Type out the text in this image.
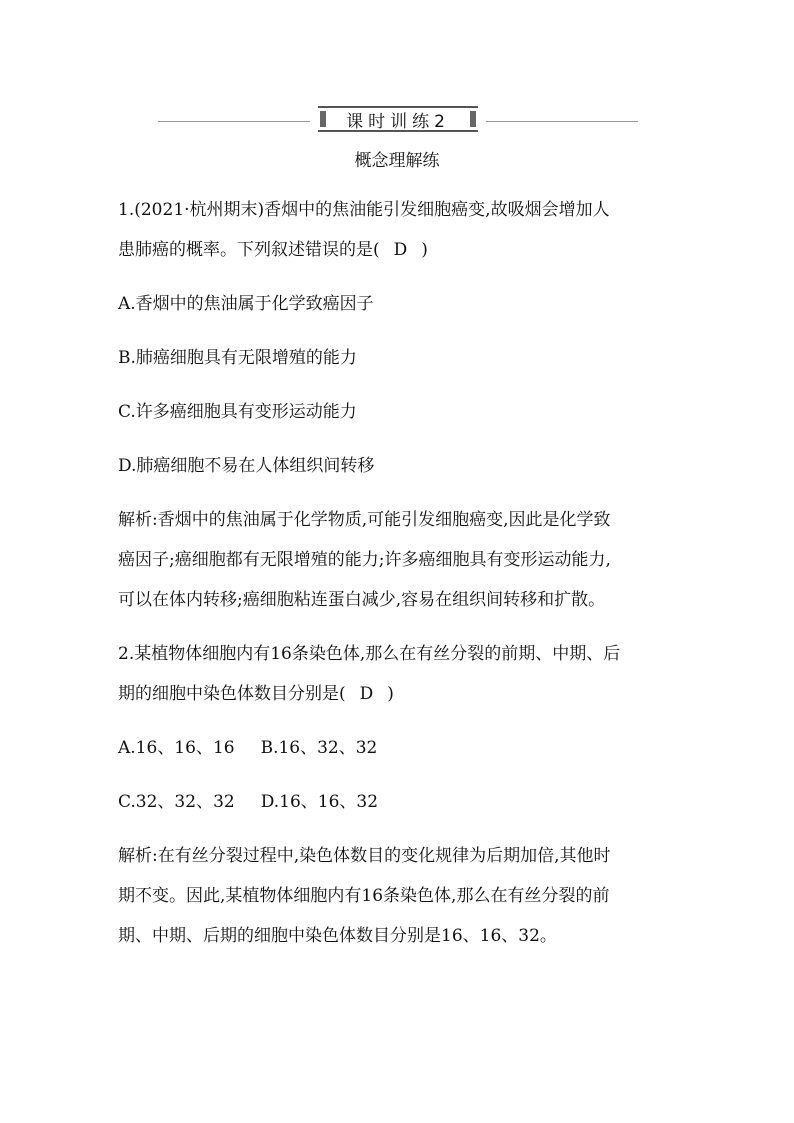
课时训练2
概念理解练
1.(2021·杭州期末)香烟中的焦油能引发细胞癌变,故吸烟会增加人
患肺癌的概率。下列叙述错误的是( D )
A.香烟中的焦油属于化学致癌因子
B.肺癌细胞具有无限增殖的能力
C.许多癌细胞具有变形运动能力
D.肺癌细胞不易在人体组织间转移
解析:香烟中的焦油属于化学物质,可能引发细胞癌变,因此是化学致
癌因子;癌细胞都有无限增殖的能力;许多癌细胞具有变形运动能力,
可以在体内转移;癌细胞粘连蛋白减少,容易在组织间转移和扩散。
2.某植物体细胞内有16条染色体,那么在有丝分裂的前期、中期、后
期的细胞中染色体数目分别是( D )
A.16、16、16 B.16、32、32
C.32、32、32 D.16、16、32
解析:在有丝分裂过程中,染色体数目的变化规律为后期加倍,其他时
期不变。因此,某植物体细胞内有16条染色体,那么在有丝分裂的前
期、中期、后期的细胞中染色体数目分别是16、16、32。
